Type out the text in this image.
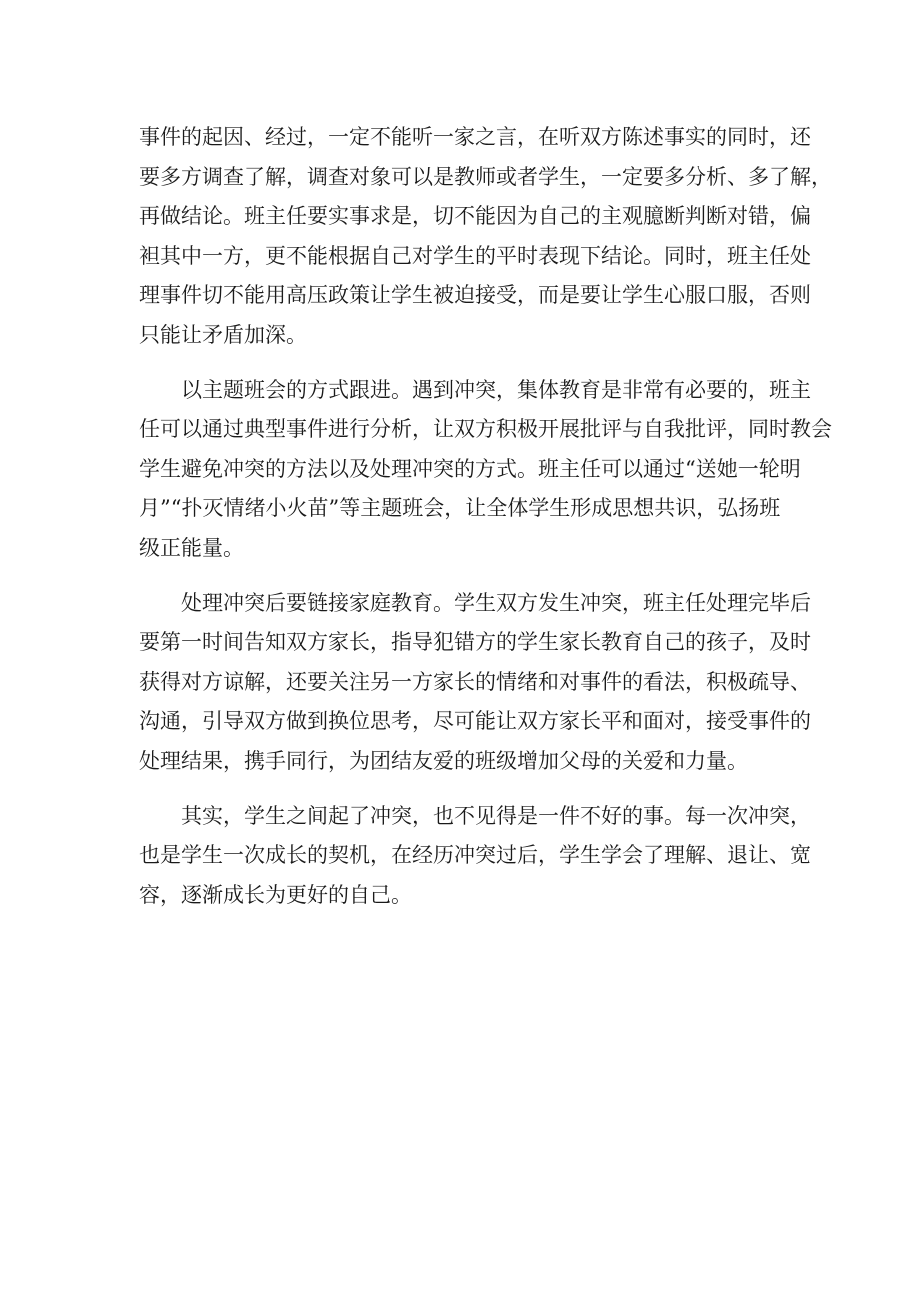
事件的起因、经过，一定不能听一家之言，在听双方陈述事实的同时，还
要多方调查了解，调查对象可以是教师或者学生，一定要多分析、多了解，
再做结论。班主任要实事求是，切不能因为自己的主观臆断判断对错，偏
袒其中一方，更不能根据自己对学生的平时表现下结论。同时，班主任处
理事件切不能用高压政策让学生被迫接受，而是要让学生心服口服，否则
只能让矛盾加深。
以主题班会的方式跟进。遇到冲突，集体教育是非常有必要的，班主
任可以通过典型事件进行分析，让双方积极开展批评与自我批评，同时教会
学生避免冲突的方法以及处理冲突的方式。班主任可以通过“送她一轮明
月”“扑灭情绪小火苗”等主题班会，让全体学生形成思想共识，弘扬班
级正能量。
处理冲突后要链接家庭教育。学生双方发生冲突，班主任处理完毕后
要第一时间告知双方家长，指导犯错方的学生家长教育自己的孩子，及时
获得对方谅解，还要关注另一方家长的情绪和对事件的看法，积极疏导、
沟通，引导双方做到换位思考，尽可能让双方家长平和面对，接受事件的
处理结果，携手同行，为团结友爱的班级增加父母的关爱和力量。
其实，学生之间起了冲突，也不见得是一件不好的事。每一次冲突，
也是学生一次成长的契机，在经历冲突过后，学生学会了理解、退让、宽
容，逐渐成长为更好的自己。
